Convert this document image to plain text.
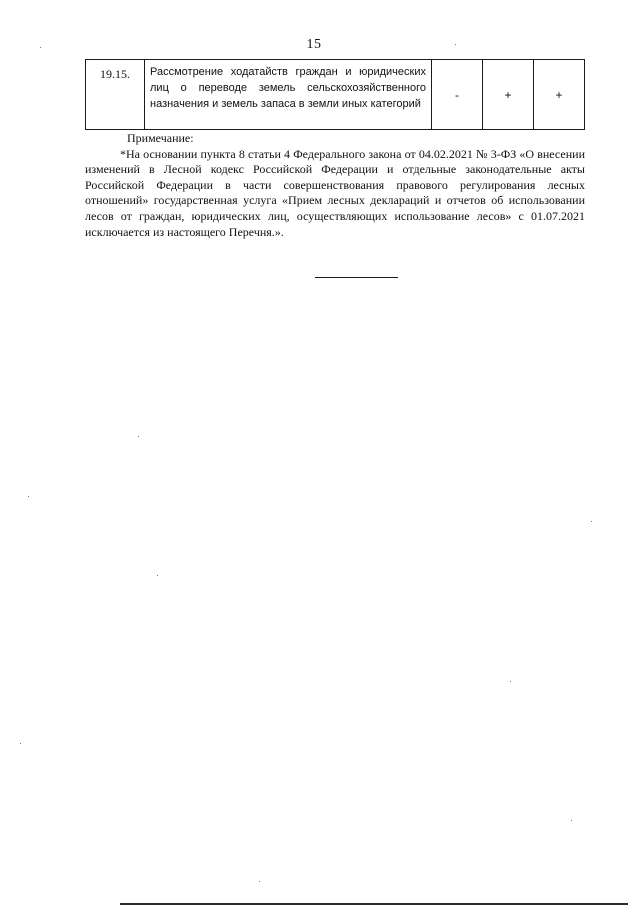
15
19.15.	Рассмотрение ходатайств граждан и юридических лиц о переводе земель сельскохозяйственного назначения и земель запаса в земли иных категорий	-	+	+
Примечание:
*На основании пункта 8 статьи 4 Федерального закона от 04.02.2021 № 3-ФЗ «О внесении изменений в Лесной кодекс Российской Федерации и отдельные законодательные акты Российской Федерации в части совершенствования правового регулирования лесных отношений» государственная услуга «Прием лесных деклараций и отчетов об использовании лесов от граждан, юридических лиц, осуществляющих использование лесов» с 01.07.2021 исключается из настоящего Перечня.».
